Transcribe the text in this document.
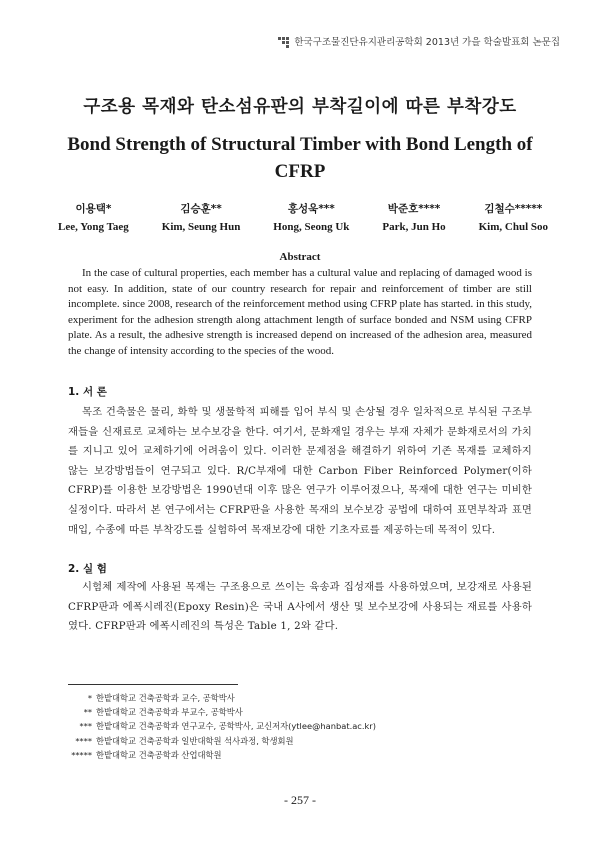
한국구조물진단유지관리공학회 2013년 가을 학술발표회 논문집
구조용 목재와 탄소섬유판의 부착길이에 따른 부착강도
Bond Strength of Structural Timber with Bond Length of CFRP
이용택*
Lee, Yong Taeg
김승훈**
Kim, Seung Hun
홍성욱***
Hong, Seong Uk
박준호****
Park, Jun Ho
김철수*****
Kim, Chul Soo
Abstract

In the case of cultural properties, each member has a cultural value and replacing of damaged wood is not easy. In addition, state of our country research for repair and reinforcement of timber are still incomplete. since 2008, research of the reinforcement method using CFRP plate has started. in this study, experiment for the adhesion strength along attachment length of surface bonded and NSM using CFRP plate. As a result, the adhesive strength is increased depend on increased of the adhesion area, measured the change of intensity according to the species of the wood.

1. 서 론

목조 건축물은 물리, 화학 및 생물학적 피해를 입어 부식 및 손상될 경우 일차적으로 부식된 구조부재들을 신재료로 교체하는 보수보강을 한다. 여기서, 문화재일 경우는 부재 자체가 문화재로서의 가치를 지니고 있어 교체하기에 어려움이 있다. 이러한 문제점을 해결하기 위하여 기존 목재를 교체하지 않는 보강방법들이 연구되고 있다. R/C부재에 대한 Carbon Fiber Reinforced Polymer(이하 CFRP)를 이용한 보강방법은 1990년대 이후 많은 연구가 이루어졌으나, 목재에 대한 연구는 미비한 실정이다. 따라서 본 연구에서는 CFRP판을 사용한 목재의 보수보강 공법에 대하여 표면부착과 표면매입, 수종에 따른 부착강도를 실험하여 목재보강에 대한 기초자료를 제공하는데 목적이 있다.

2. 실 험

시험체 제작에 사용된 목재는 구조용으로 쓰이는 육송과 집성재를 사용하였으며, 보강재로 사용된 CFRP판과 에폭시레진(Epoxy Resin)은 국내 A사에서 생산 및 보수보강에 사용되는 재료를 사용하였다. CFRP판과 에폭시레진의 특성은 Table 1, 2와 같다.

* 한밭대학교 건축공학과 교수, 공학박사
** 한밭대학교 건축공학과 부교수, 공학박사
*** 한밭대학교 건축공학과 연구교수, 공학박사, 교신저자(ytlee@hanbat.ac.kr)
**** 한밭대학교 건축공학과 일반대학원 석사과정, 학생회원
***** 한밭대학교 건축공학과 산업대학원
- 257 -
